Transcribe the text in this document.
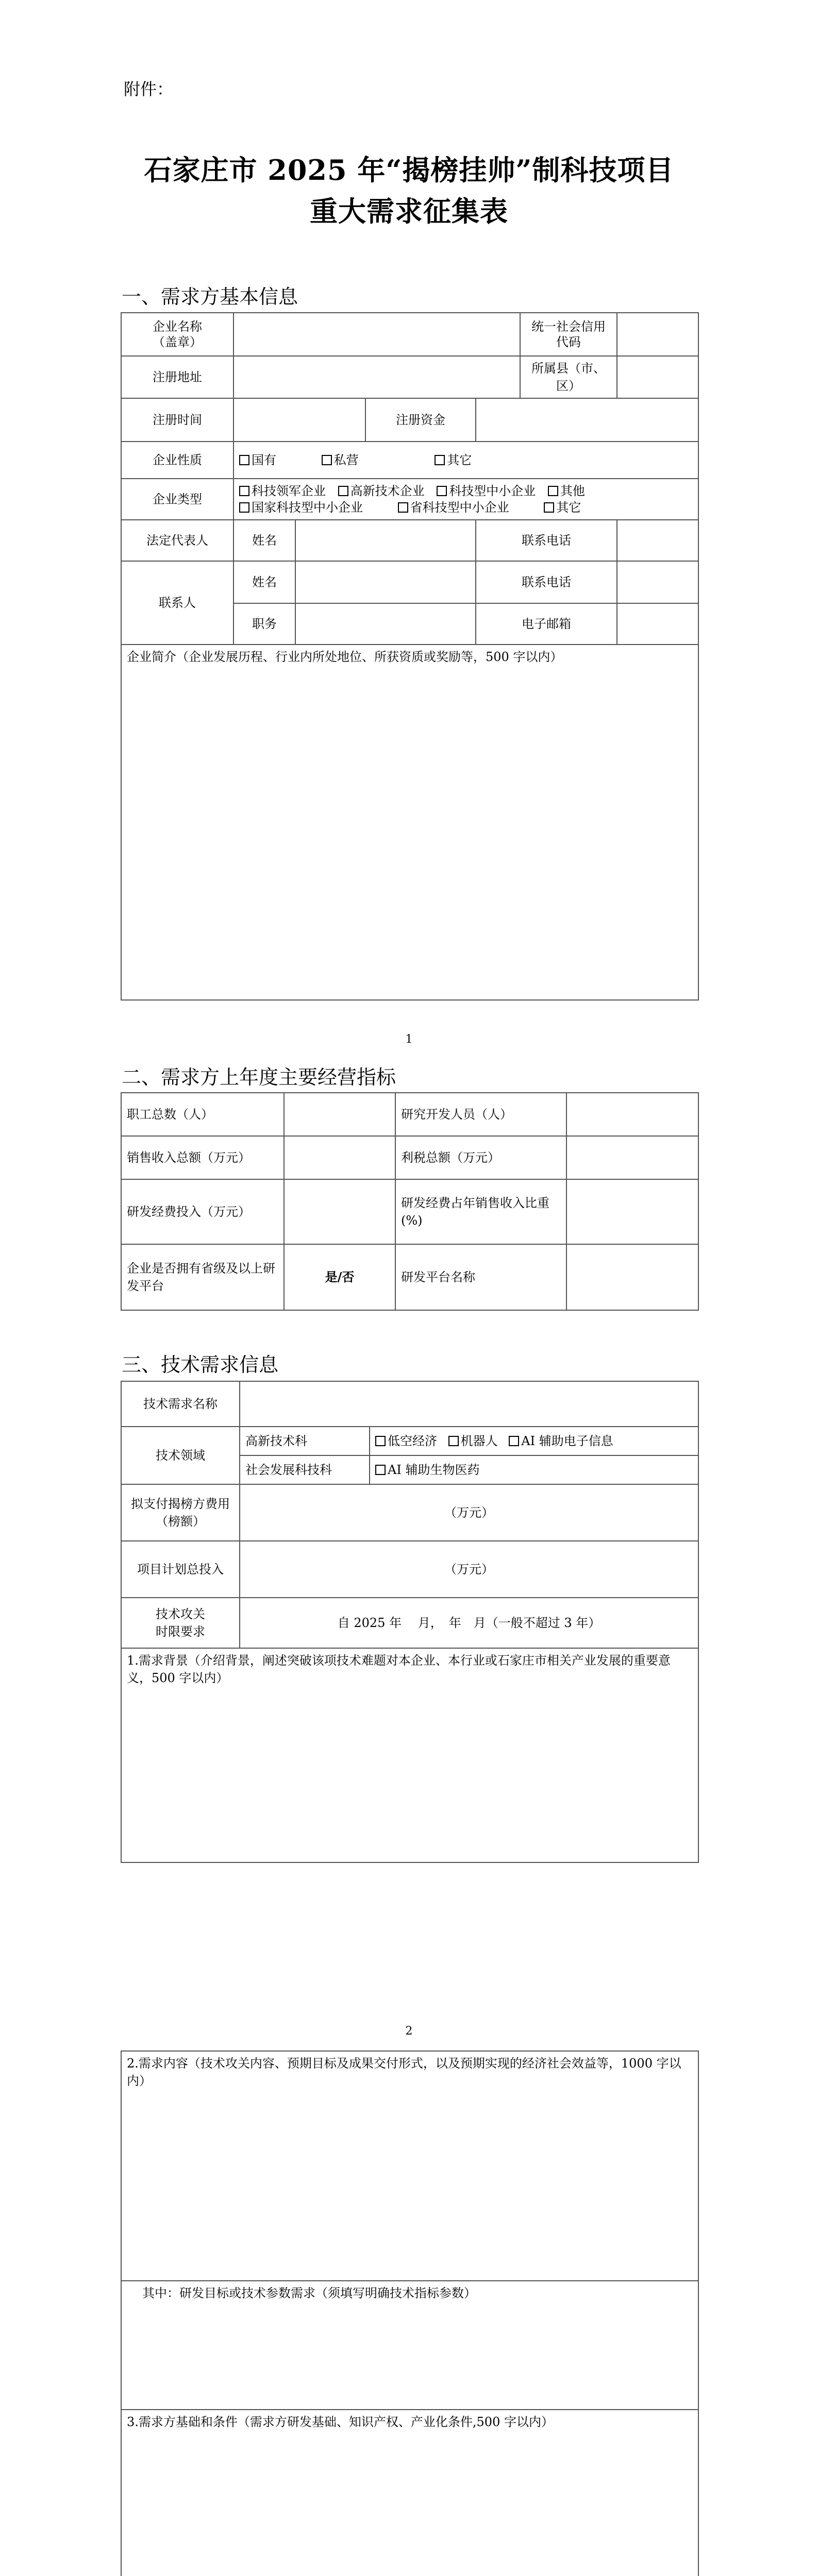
附件：
石家庄市 2025 年“揭榜挂帅”制科技项目
重大需求征集表
一、需求方基本信息
企业名称
（盖章）					统一社会信用代码	
注册地址					所属县（市、区）	
注册时间			注册资金			
企业性质	国有 私营 其它					
企业类型	科技领军企业 高新技术企业 科技型中小企业 其他
国家科技型中小企业 省科技型中小企业 其它					

法定代表人	姓名			联系电话		
联系人	姓名			联系电话		
	职务			电子邮箱		
企业简介（企业发展历程、行业内所处地位、所获资质或奖励等，500 字以内）						
1
二、需求方上年度主要经营指标
职工总数（人）		研究开发人员（人）	
销售收入总额（万元）		利税总额（万元）	
研发经费投入（万元）		研发经费占年销售收入比重(%)	
企业是否拥有省级及以上研发平台	是/否	研发平台名称	
三、技术需求信息
技术需求名称		
技术领域	高新技术科	低空经济 机器人 AI 辅助电子信息
	社会发展科技科	AI 辅助生物医药
拟支付揭榜方费用（榜额）	（万元）	
项目计划总投入	（万元）	
技术攻关
时限要求	自 2025 年　 月，　年　月（一般不超过 3 年）	
1.需求背景（介绍背景，阐述突破该项技术难题对本企业、本行业或石家庄市相关产业发展的重要意义，500 字以内）		
2
2.需求内容（技术攻关内容、预期目标及成果交付形式，以及预期实现的经济社会效益等，1000 字以内）
其中：研发目标或技术参数需求（须填写明确技术指标参数）
3.需求方基础和条件（需求方研发基础、知识产权、产业化条件,500 字以内）
